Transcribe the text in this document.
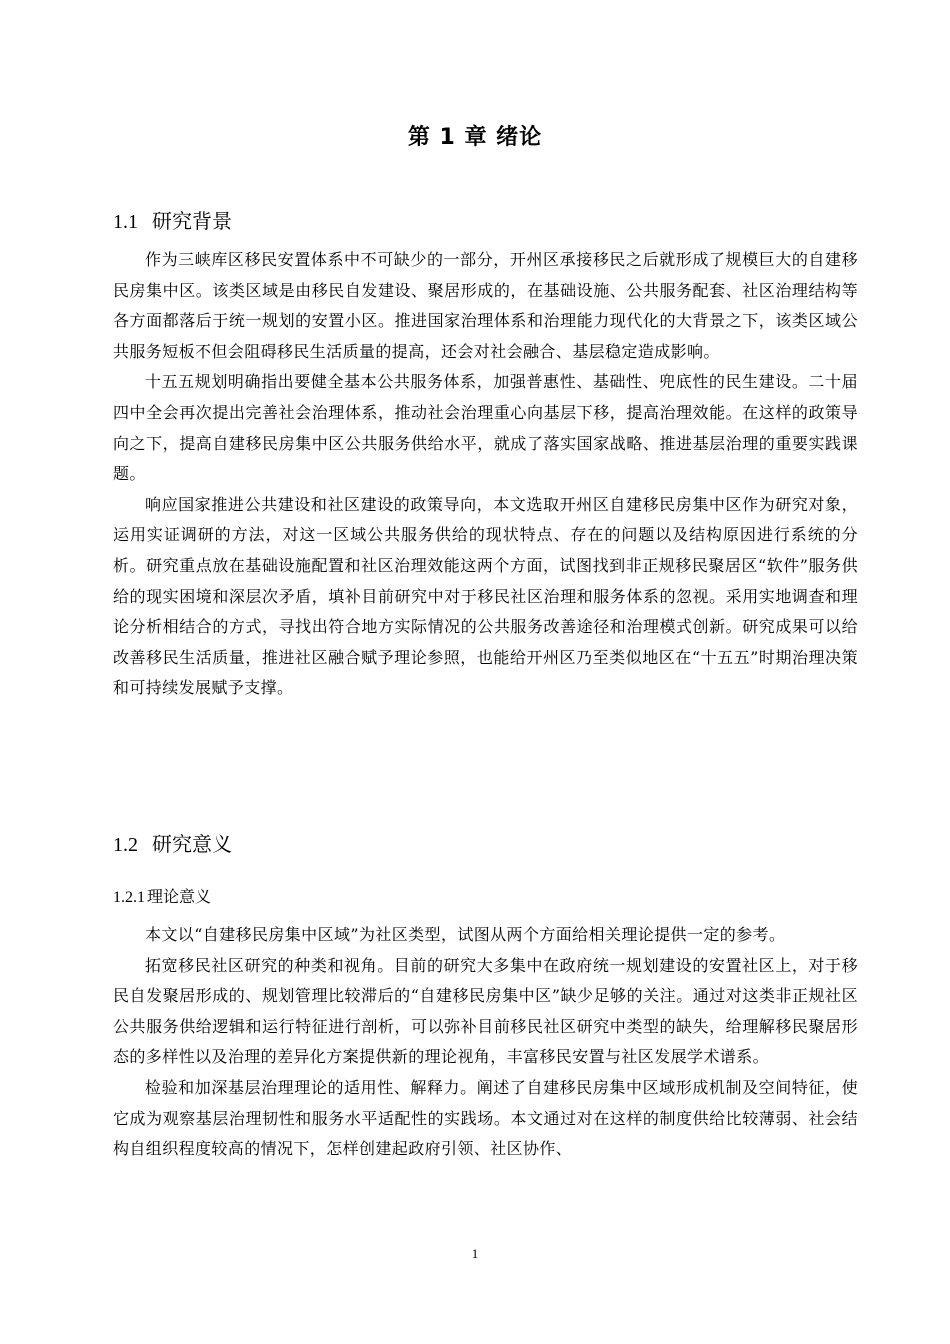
第 1 章 绪论
1.1 研究背景

作为三峡库区移民安置体系中不可缺少的一部分，开州区承接移民之后就形成了规模巨大的自建移民房集中区。该类区域是由移民自发建设、聚居形成的，在基础设施、公共服务配套、社区治理结构等各方面都落后于统一规划的安置小区。推进国家治理体系和治理能力现代化的大背景之下，该类区域公共服务短板不但会阻碍移民生活质量的提高，还会对社会融合、基层稳定造成影响。

十五五规划明确指出要健全基本公共服务体系，加强普惠性、基础性、兜底性的民生建设。二十届四中全会再次提出完善社会治理体系，推动社会治理重心向基层下移，提高治理效能。在这样的政策导向之下，提高自建移民房集中区公共服务供给水平，就成了落实国家战略、推进基层治理的重要实践课题。

响应国家推进公共建设和社区建设的政策导向，本文选取开州区自建移民房集中区作为研究对象，运用实证调研的方法，对这一区域公共服务供给的现状特点、存在的问题以及结构原因进行系统的分析。研究重点放在基础设施配置和社区治理效能这两个方面，试图找到非正规移民聚居区“软件”服务供给的现实困境和深层次矛盾，填补目前研究中对于移民社区治理和服务体系的忽视。采用实地调查和理论分析相结合的方式，寻找出符合地方实际情况的公共服务改善途径和治理模式创新。研究成果可以给改善移民生活质量，推进社区融合赋予理论参照，也能给开州区乃至类似地区在“十五五”时期治理决策和可持续发展赋予支撑。

1.2 研究意义
1.2.1 理论意义

本文以“自建移民房集中区域”为社区类型，试图从两个方面给相关理论提供一定的参考。

拓宽移民社区研究的种类和视角。目前的研究大多集中在政府统一规划建设的安置社区上，对于移民自发聚居形成的、规划管理比较滞后的“自建移民房集中区”缺少足够的关注。通过对这类非正规社区公共服务供给逻辑和运行特征进行剖析，可以弥补目前移民社区研究中类型的缺失，给理解移民聚居形态的多样性以及治理的差异化方案提供新的理论视角，丰富移民安置与社区发展学术谱系。

检验和加深基层治理理论的适用性、解释力。阐述了自建移民房集中区域形成机制及空间特征，使它成为观察基层治理韧性和服务水平适配性的实践场。本文通过对在这样的制度供给比较薄弱、社会结构自组织程度较高的情况下，怎样创建起政府引领、社区协作、

1
